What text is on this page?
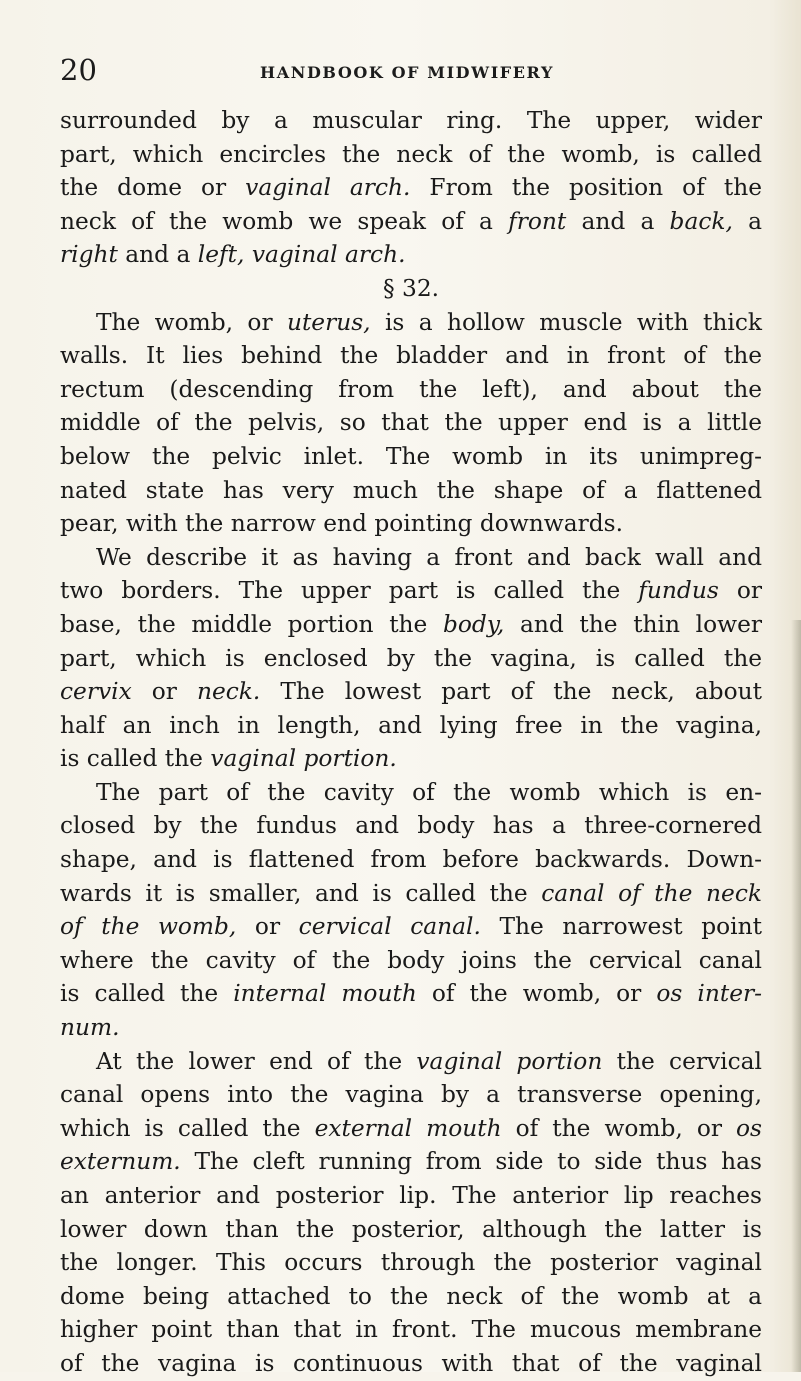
20	HANDBOOK OF MIDWIFERY
surrounded by a muscular ring. The upper, wider
part, which encircles the neck of the womb, is called
the dome or vaginal arch. From the position of the
neck of the womb we speak of a front and a back, a
right and a left, vaginal arch.
§ 32.
The womb, or uterus, is a hollow muscle with thick
walls. It lies behind the bladder and in front of the
rectum (descending from the left), and about the
middle of the pelvis, so that the upper end is a little
below the pelvic inlet. The womb in its unimpreg-
nated state has very much the shape of a flattened
pear, with the narrow end pointing downwards.
We describe it as having a front and back wall and
two borders. The upper part is called the fundus or
base, the middle portion the body, and the thin lower
part, which is enclosed by the vagina, is called the
cervix or neck. The lowest part of the neck, about
half an inch in length, and lying free in the vagina,
is called the vaginal portion.
The part of the cavity of the womb which is en-
closed by the fundus and body has a three-cornered
shape, and is flattened from before backwards. Down-
wards it is smaller, and is called the canal of the neck
of the womb, or cervical canal. The narrowest point
where the cavity of the body joins the cervical canal
is called the internal mouth of the womb, or os inter-
num.
At the lower end of the vaginal portion the cervical
canal opens into the vagina by a transverse opening,
which is called the external mouth of the womb, or os
externum. The cleft running from side to side thus has
an anterior and posterior lip. The anterior lip reaches
lower down than the posterior, although the latter is
the longer. This occurs through the posterior vaginal
dome being attached to the neck of the womb at a
higher point than that in front. The mucous membrane
of the vagina is continuous with that of the vaginal
